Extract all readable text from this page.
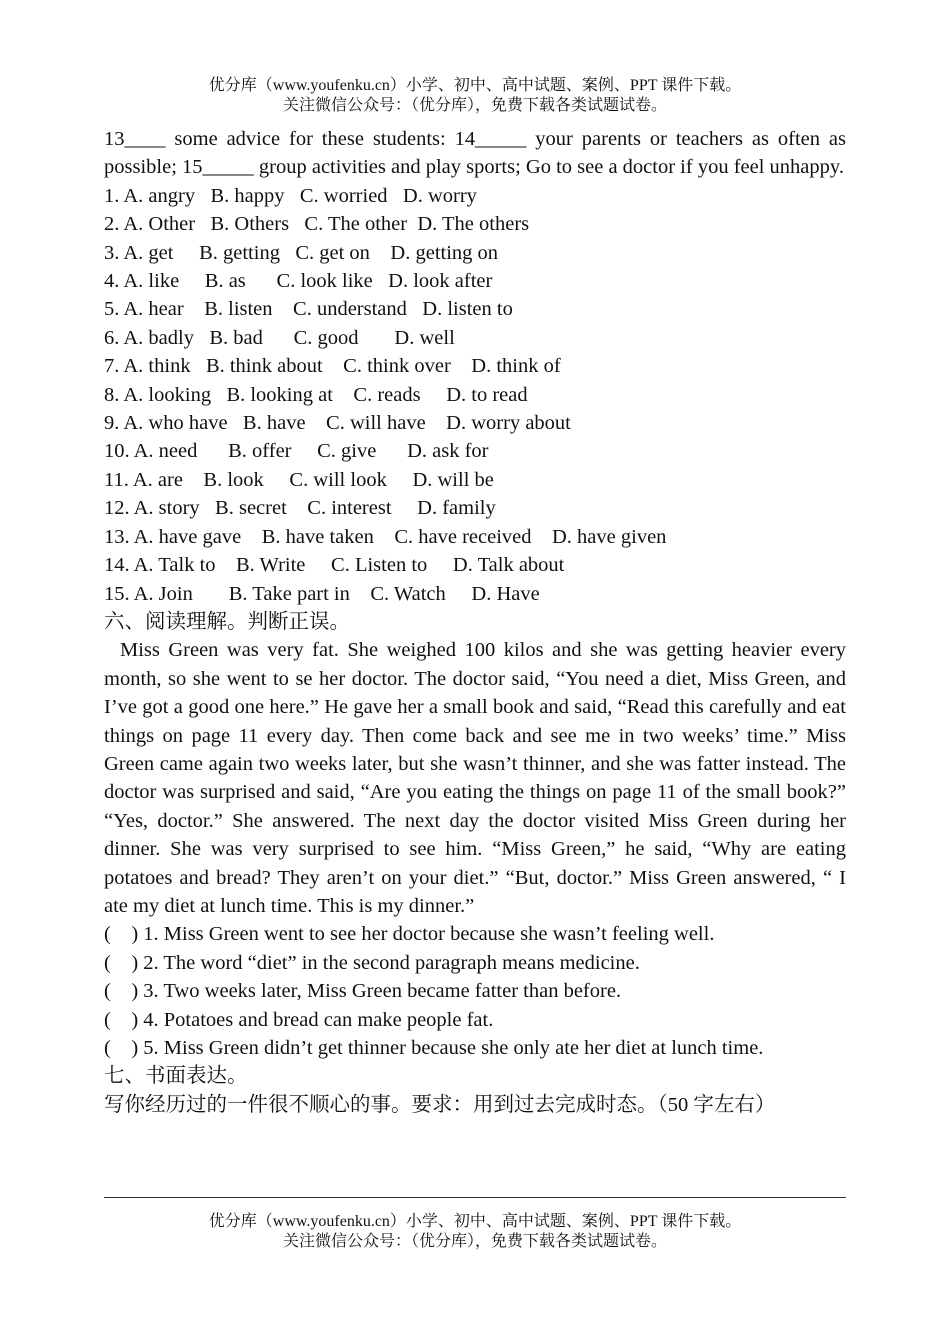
优分库（www.youfenku.cn）小学、初中、高中试题、案例、PPT 课件下载。
关注微信公众号：（优分库），免费下载各类试题试卷。

13____ some advice for these students: 14_____ your parents or teachers as often as possible; 15_____ group activities and play sports; Go to see a doctor if you feel unhappy.

1. A. angry   B. happy   C. worried   D. worry

2. A. Other   B. Others   C. The other  D. The others

3. A. get     B. getting   C. get on    D. getting on

4. A. like     B. as      C. look like   D. look after

5. A. hear    B. listen    C. understand   D. listen to

6. A. badly   B. bad      C. good       D. well

7. A. think   B. think about    C. think over    D. think of

8. A. looking   B. looking at    C. reads     D. to read

9. A. who have   B. have    C. will have    D. worry about

10. A. need      B. offer     C. give      D. ask for

11. A. are    B. look     C. will look     D. will be

12. A. story   B. secret    C. interest     D. family

13. A. have gave    B. have taken    C. have received    D. have given

14. A. Talk to    B. Write     C. Listen to     D. Talk about

15. A. Join       B. Take part in    C. Watch     D. Have

六、阅读理解。判断正误。

Miss Green was very fat. She weighed 100 kilos and she was getting heavier every month, so she went to se her doctor. The doctor said, “You need a diet, Miss Green, and I’ve got a good one here.” He gave her a small book and said, “Read this carefully and eat things on page 11 every day. Then come back and see me in two weeks’ time.” Miss Green came again two weeks later, but she wasn’t thinner, and she was fatter instead. The doctor was surprised and said, “Are you eating the things on page 11 of the small book?” “Yes, doctor.” She answered. The next day the doctor visited Miss Green during her dinner. She was very surprised to see him. “Miss Green,” he said, “Why are eating potatoes and bread? They aren’t on your diet.” “But, doctor.” Miss Green answered, “ I ate my diet at lunch time. This is my dinner.”

(    ) 1. Miss Green went to see her doctor because she wasn’t feeling well.

(    ) 2. The word “diet” in the second paragraph means medicine.

(    ) 3. Two weeks later, Miss Green became fatter than before.

(    ) 4. Potatoes and bread can make people fat.

(    ) 5. Miss Green didn’t get thinner because she only ate her diet at lunch time.

七、书面表达。

写你经历过的一件很不顺心的事。要求：用到过去完成时态。（50 字左右）

优分库（www.youfenku.cn）小学、初中、高中试题、案例、PPT 课件下载。
关注微信公众号：（优分库），免费下载各类试题试卷。
